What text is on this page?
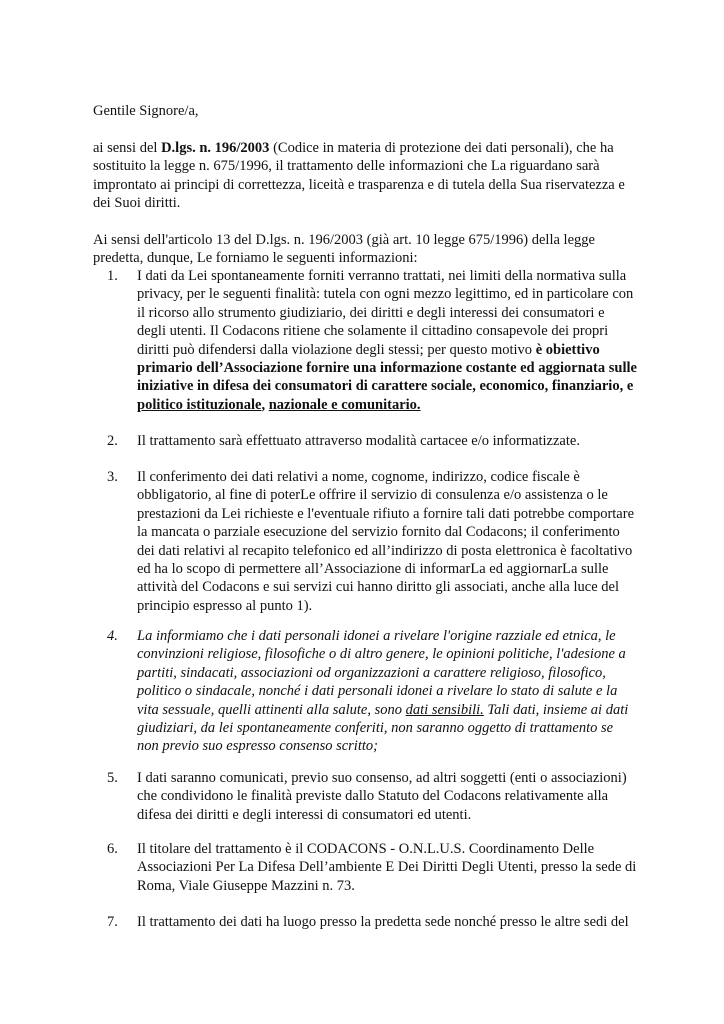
Gentile Signore/a,
ai sensi del D.lgs. n. 196/2003 (Codice in materia di protezione dei dati personali), che ha sostituito la legge n. 675/1996, il trattamento delle informazioni che La riguardano sarà improntato ai principi di correttezza, liceità e trasparenza e di tutela della Sua riservatezza e dei Suoi diritti.
Ai sensi dell'articolo 13 del D.lgs. n. 196/2003 (già art. 10 legge 675/1996) della legge predetta, dunque, Le forniamo le seguenti informazioni:
1.	I dati da Lei spontaneamente forniti verranno trattati, nei limiti della normativa sulla privacy, per le seguenti finalità: tutela con ogni mezzo legittimo, ed in particolare con il ricorso allo strumento giudiziario, dei diritti e degli interessi dei consumatori e degli utenti. Il Codacons ritiene che solamente il cittadino consapevole dei propri diritti può difendersi dalla violazione degli stessi; per questo motivo è obiettivo primario dell’Associazione fornire una informazione costante ed aggiornata sulle iniziative in difesa dei consumatori di carattere sociale, economico, finanziario, e politico istituzionale, nazionale e comunitario.
2.	Il trattamento sarà effettuato attraverso modalità cartacee e/o informatizzate.
3.	Il conferimento dei dati relativi a nome, cognome, indirizzo, codice fiscale è obbligatorio, al fine di poterLe offrire il servizio di consulenza e/o assistenza o le prestazioni da Lei richieste e l'eventuale rifiuto a fornire tali dati potrebbe comportare la mancata o parziale esecuzione del servizio fornito dal Codacons; il conferimento dei dati relativi al recapito telefonico ed all’indirizzo di posta elettronica è facoltativo ed ha lo scopo di permettere all’Associazione di informarLa ed aggiornarLa sulle attività del Codacons e sui servizi cui hanno diritto gli associati, anche alla luce del principio espresso al punto 1).
4.	La informiamo che i dati personali idonei a rivelare l'origine razziale ed etnica, le convinzioni religiose, filosofiche o di altro genere, le opinioni politiche, l'adesione a partiti, sindacati, associazioni od organizzazioni a carattere religioso, filosofico, politico o sindacale, nonché i dati personali idonei a rivelare lo stato di salute e la vita sessuale, quelli attinenti alla salute, sono dati sensibili. Tali dati, insieme ai dati giudiziari, da lei spontaneamente conferiti, non saranno oggetto di trattamento se non previo suo espresso consenso scritto;
5.	I dati saranno comunicati, previo suo consenso, ad altri soggetti (enti o associazioni) che condividono le finalità previste dallo Statuto del Codacons relativamente alla difesa dei diritti e degli interessi di consumatori ed utenti.
6.	Il titolare del trattamento è il CODACONS - O.N.L.U.S. Coordinamento Delle Associazioni Per La Difesa Dell’ambiente E Dei Diritti Degli Utenti, presso la sede di Roma, Viale Giuseppe Mazzini n. 73.
7.	Il trattamento dei dati ha luogo presso la predetta sede nonché presso le altre sedi del
